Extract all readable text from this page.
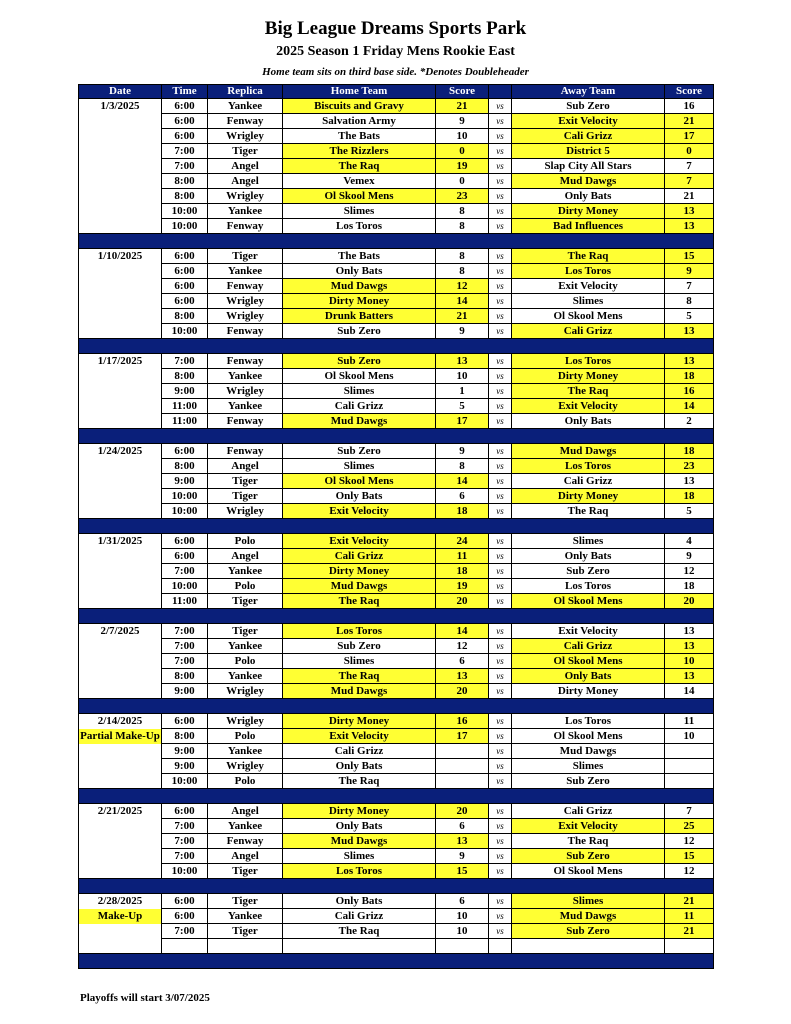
Big League Dreams Sports Park
2025 Season 1 Friday Mens Rookie East
Home team sits on third base side. *Denotes Doubleheader
Date	Time	Replica	Home Team	Score		Away Team	Score

1/3/2025	6:00	Yankee	Biscuits and Gravy	21	vs	Sub Zero	16
	6:00	Fenway	Salvation Army	9	vs	Exit Velocity	21
	6:00	Wrigley	The Bats	10	vs	Cali Grizz	17
	7:00	Tiger	The Rizzlers	0	vs	District 5	0
	7:00	Angel	The Raq	19	vs	Slap City All Stars	7
	8:00	Angel	Vemex	0	vs	Mud Dawgs	7
	8:00	Wrigley	Ol Skool Mens	23	vs	Only Bats	21
	10:00	Yankee	Slimes	8	vs	Dirty Money	13
	10:00	Fenway	Los Toros	8	vs	Bad Influences	13

1/10/2025	6:00	Tiger	The Bats	8	vs	The Raq	15
	6:00	Yankee	Only Bats	8	vs	Los Toros	9
	6:00	Fenway	Mud Dawgs	12	vs	Exit Velocity	7
	6:00	Wrigley	Dirty Money	14	vs	Slimes	8
	8:00	Wrigley	Drunk Batters	21	vs	Ol Skool Mens	5
	10:00	Fenway	Sub Zero	9	vs	Cali Grizz	13

1/17/2025	7:00	Fenway	Sub Zero	13	vs	Los Toros	13
	8:00	Yankee	Ol Skool Mens	10	vs	Dirty Money	18
	9:00	Wrigley	Slimes	1	vs	The Raq	16
	11:00	Yankee	Cali Grizz	5	vs	Exit Velocity	14
	11:00	Fenway	Mud Dawgs	17	vs	Only Bats	2

1/24/2025	6:00	Fenway	Sub Zero	9	vs	Mud Dawgs	18
	8:00	Angel	Slimes	8	vs	Los Toros	23
	9:00	Tiger	Ol Skool Mens	14	vs	Cali Grizz	13
	10:00	Tiger	Only Bats	6	vs	Dirty Money	18
	10:00	Wrigley	Exit Velocity	18	vs	The Raq	5

1/31/2025	6:00	Polo	Exit Velocity	24	vs	Slimes	4
	6:00	Angel	Cali Grizz	11	vs	Only Bats	9
	7:00	Yankee	Dirty Money	18	vs	Sub Zero	12
	10:00	Polo	Mud Dawgs	19	vs	Los Toros	18
	11:00	Tiger	The Raq	20	vs	Ol Skool Mens	20

2/7/2025	7:00	Tiger	Los Toros	14	vs	Exit Velocity	13
	7:00	Yankee	Sub Zero	12	vs	Cali Grizz	13
	7:00	Polo	Slimes	6	vs	Ol Skool Mens	10
	8:00	Yankee	The Raq	13	vs	Only Bats	13
	9:00	Wrigley	Mud Dawgs	20	vs	Dirty Money	14

2/14/2025
Partial Make-Up	6:00	Wrigley	Dirty Money	16	vs	Los Toros	11
	8:00	Polo	Exit Velocity	17	vs	Ol Skool Mens	10
	9:00	Yankee	Cali Grizz		vs	Mud Dawgs	
	9:00	Wrigley	Only Bats		vs	Slimes	
	10:00	Polo	The Raq		vs	Sub Zero	

2/21/2025	6:00	Angel	Dirty Money	20	vs	Cali Grizz	7
	7:00	Yankee	Only Bats	6	vs	Exit Velocity	25
	7:00	Fenway	Mud Dawgs	13	vs	The Raq	12
	7:00	Angel	Slimes	9	vs	Sub Zero	15
	10:00	Tiger	Los Toros	15	vs	Ol Skool Mens	12

2/28/2025
Make-Up	6:00	Tiger	Only Bats	6	vs	Slimes	21
	6:00	Yankee	Cali Grizz	10	vs	Mud Dawgs	11
	7:00	Tiger	The Raq	10	vs	Sub Zero	21

Playoffs will start 3/07/2025
